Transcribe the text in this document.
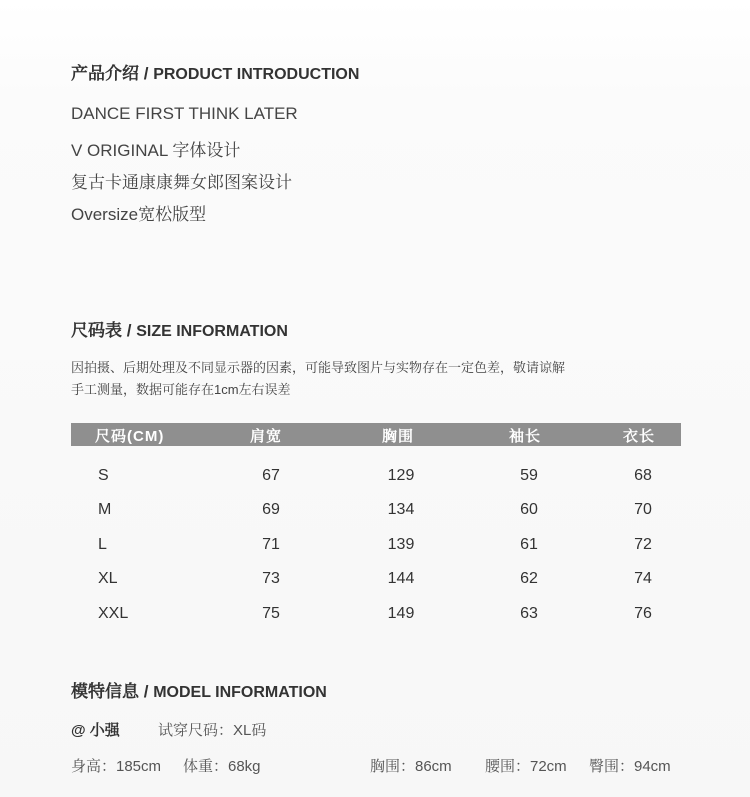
产品介绍 / PRODUCT INTRODUCTION
DANCE FIRST THINK LATER
V ORIGINAL 字体设计
复古卡通康康舞女郎图案设计
Oversize宽松版型
尺码表 / SIZE INFORMATION
因拍摄、后期处理及不同显示器的因素，可能导致图片与实物存在一定色差，敬请谅解
手工测量，数据可能存在1cm左右误差
尺码(CM)	肩宽	胸围	袖长	衣长
S	67	129	59	68
M	69	134	60	70
L	71	139	61	72
XL	73	144	62	74
XXL	75	149	63	76
模特信息 / MODEL INFORMATION
@ 小强	试穿尺码：XL码
身高：185cm 体重：68kg	胸围：86cm 腰围：72cm 臀围：94cm
